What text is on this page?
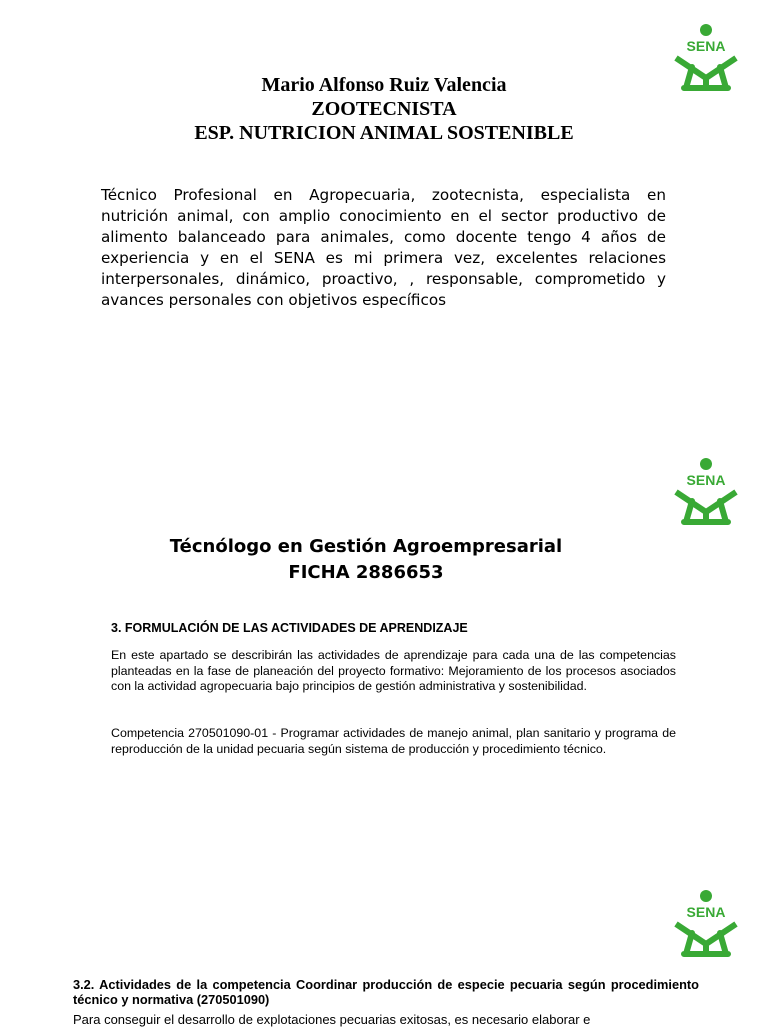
SENA
Mario Alfonso Ruiz Valencia
ZOOTECNISTA
ESP. NUTRICION ANIMAL SOSTENIBLE
Técnico Profesional en Agropecuaria, zootecnista, especialista en nutrición animal, con amplio conocimiento en el sector productivo de alimento balanceado para animales, como docente tengo 4 años de experiencia y en el SENA es mi primera vez, excelentes relaciones interpersonales, dinámico, proactivo, , responsable, comprometido y avances personales con objetivos específicos
SENA
Técnólogo en Gestión Agroempresarial
FICHA 2886653
3. FORMULACIÓN DE LAS ACTIVIDADES DE APRENDIZAJE
En este apartado se describirán las actividades de aprendizaje para cada una de las competencias planteadas en la fase de planeación del proyecto formativo: Mejoramiento de los procesos asociados con la actividad agropecuaria bajo principios de gestión administrativa y sostenibilidad.
Competencia 270501090-01 - Programar actividades de manejo animal, plan sanitario y programa de reproducción de la unidad pecuaria según sistema de producción y procedimiento técnico.
SENA
3.2. Actividades de la competencia Coordinar producción de especie pecuaria según procedimiento técnico y normativa (270501090)
Para conseguir el desarrollo de explotaciones pecuarias exitosas, es necesario elaborar e
